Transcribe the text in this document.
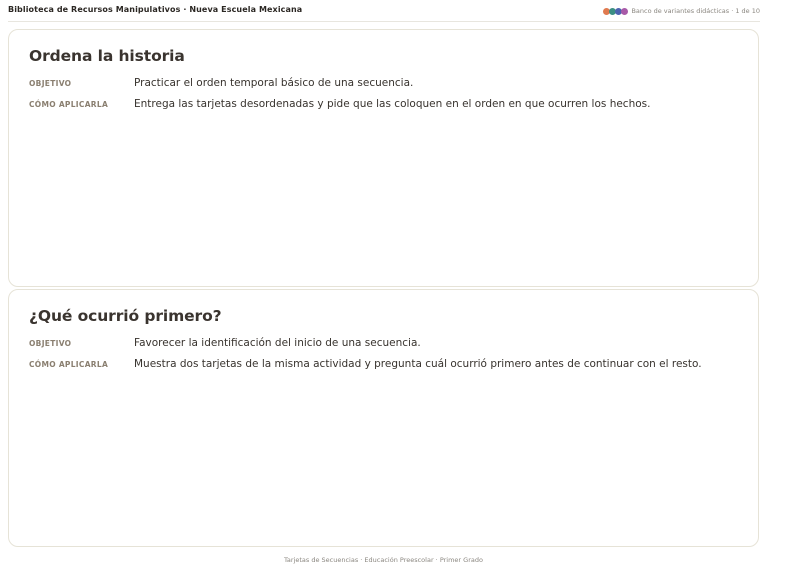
Biblioteca de Recursos Manipulativos · Nueva Escuela Mexicana	Banco de variantes didácticas · 1 de 10
Ordena la historia
OBJETIVO	Practicar el orden temporal básico de una secuencia.
CÓMO APLICARLA Entrega las tarjetas desordenadas y pide que las coloquen en el orden en que ocurren los hechos.
¿Qué ocurrió primero?
OBJETIVO	Favorecer la identificación del inicio de una secuencia.
CÓMO APLICARLA Muestra dos tarjetas de la misma actividad y pregunta cuál ocurrió primero antes de continuar con el resto.
Tarjetas de Secuencias · Educación Preescolar · Primer Grado
